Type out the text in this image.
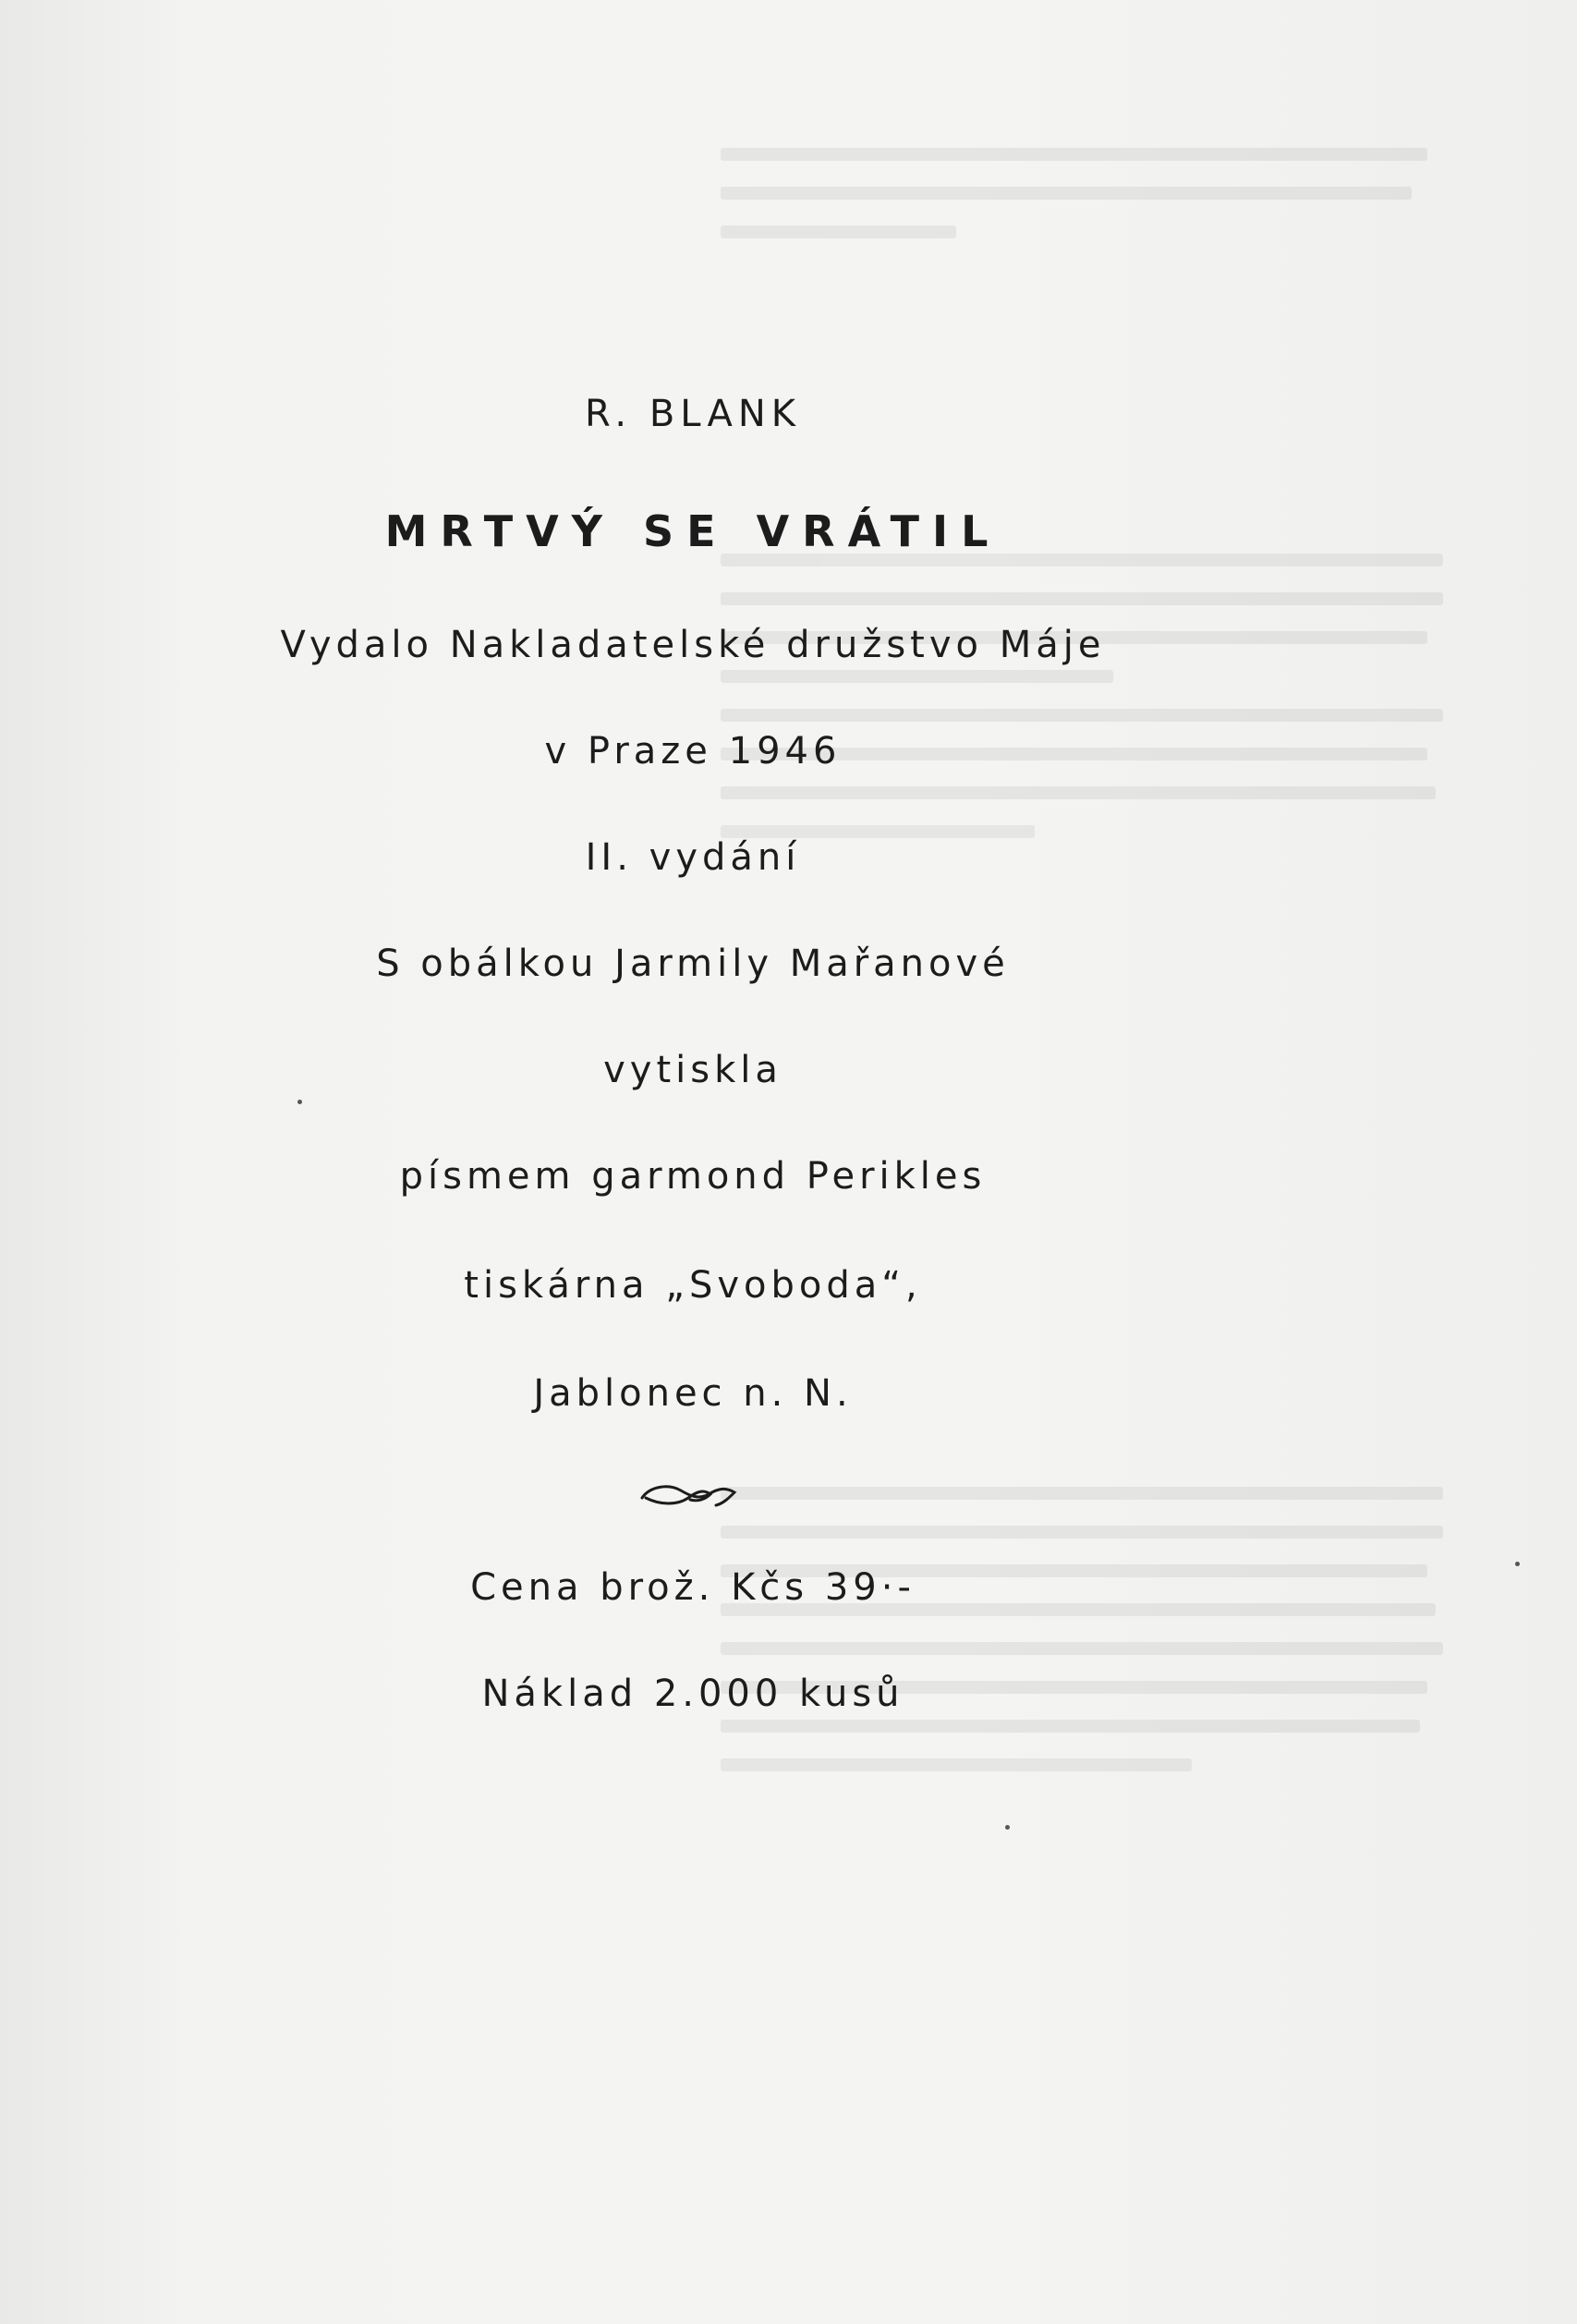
R. BLANK
MRTVÝ SE VRÁTIL
Vydalo Nakladatelské družstvo Máje
v Praze 1946
II. vydání
S obálkou Jarmily Mařanové
vytiskla
písmem garmond Perikles
tiskárna „Svoboda“,
Jablonec n. N.
Cena brož. Kčs 39·-
Náklad 2.000 kusů
